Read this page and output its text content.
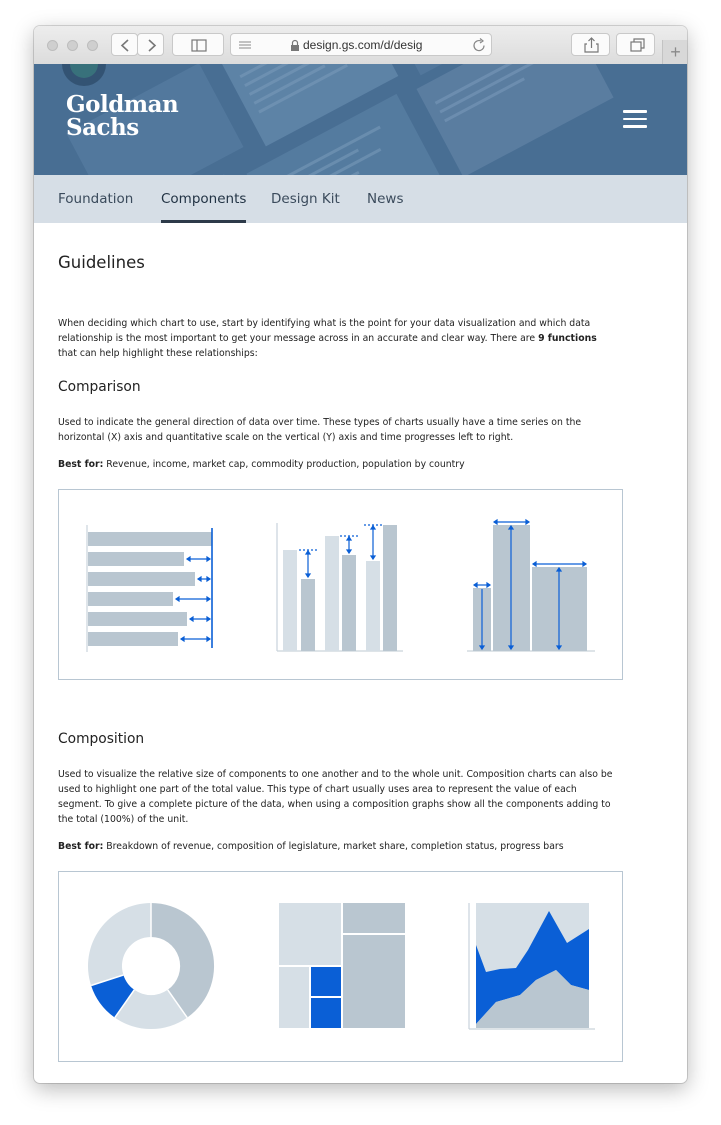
design.gs.com/d/desig	+
Goldman
Sachs
Foundation Components Design Kit News
Guidelines
When deciding which chart to use, start by identifying what is the point for your data visualization and which data relationship is the most important to get your message across in an accurate and clear way. There are 9 functions that can help highlight these relationships:
Comparison
Used to indicate the general direction of data over time. These types of charts usually have a time series on the horizontal (X) axis and quantitative scale on the vertical (Y) axis and time progresses left to right.
Best for: Revenue, income, market cap, commodity production, population by country
Composition
Used to visualize the relative size of components to one another and to the whole unit. Composition charts can also be used to highlight one part of the total value. This type of chart usually uses area to represent the value of each segment. To give a complete picture of the data, when using a composition graphs show all the components adding to the total (100%) of the unit.
Best for: Breakdown of revenue, composition of legislature, market share, completion status, progress bars
